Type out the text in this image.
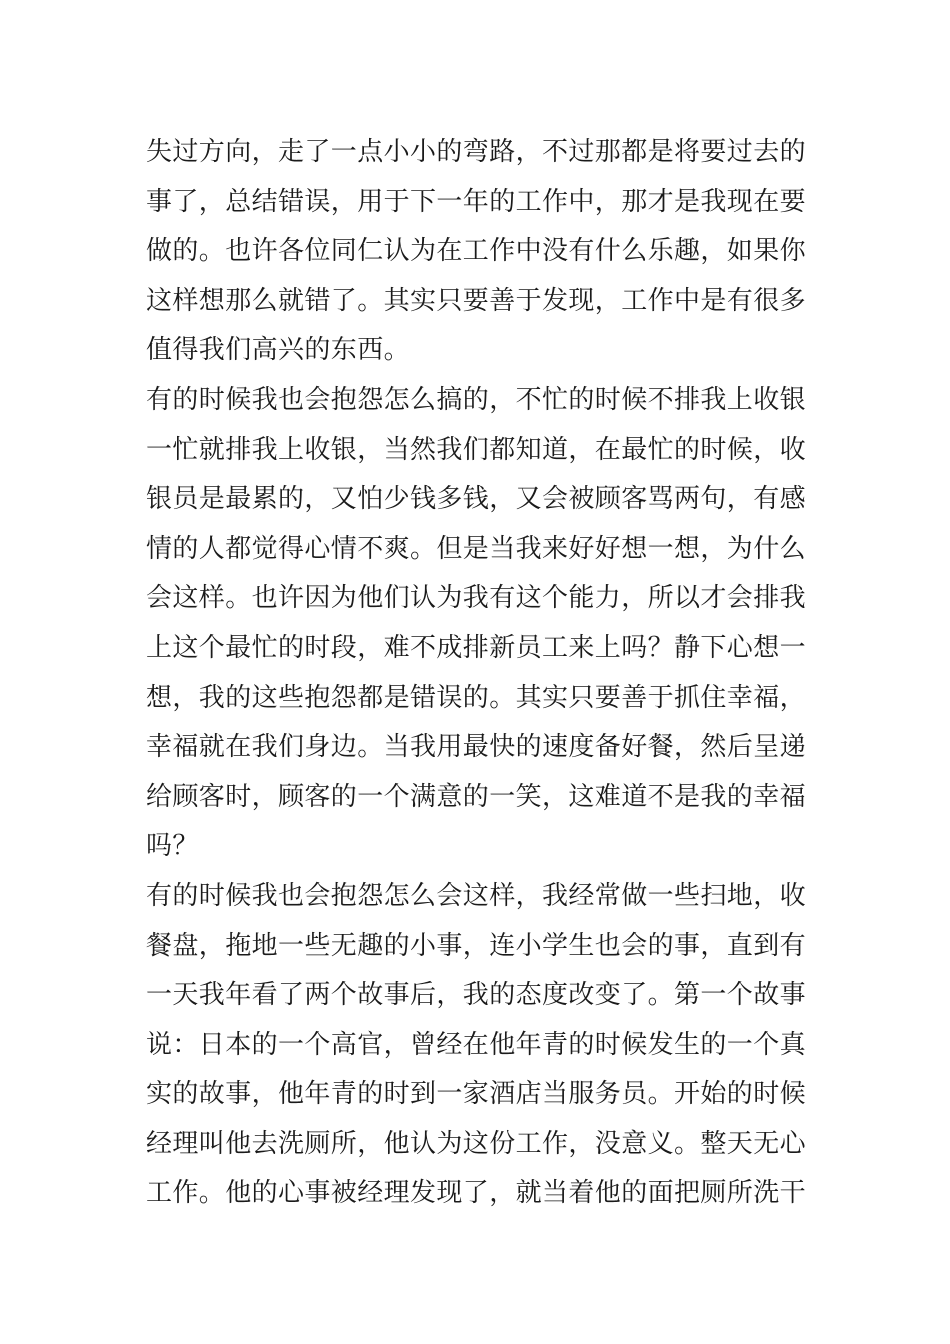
失过方向，走了一点小小的弯路，不过那都是将要过去的
事了，总结错误，用于下一年的工作中，那才是我现在要
做的。也许各位同仁认为在工作中没有什么乐趣，如果你
这样想那么就错了。其实只要善于发现，工作中是有很多
值得我们高兴的东西。
有的时候我也会抱怨怎么搞的，不忙的时候不排我上收银
一忙就排我上收银，当然我们都知道，在最忙的时候，收
银员是最累的，又怕少钱多钱，又会被顾客骂两句，有感
情的人都觉得心情不爽。但是当我来好好想一想，为什么
会这样。也许因为他们认为我有这个能力，所以才会排我
上这个最忙的时段，难不成排新员工来上吗？静下心想一
想，我的这些抱怨都是错误的。其实只要善于抓住幸福，
幸福就在我们身边。当我用最快的速度备好餐，然后呈递
给顾客时，顾客的一个满意的一笑，这难道不是我的幸福
吗？
有的时候我也会抱怨怎么会这样，我经常做一些扫地，收
餐盘，拖地一些无趣的小事，连小学生也会的事，直到有
一天我年看了两个故事后，我的态度改变了。第一个故事
说：日本的一个高官，曾经在他年青的时候发生的一个真
实的故事，他年青的时到一家酒店当服务员。开始的时候
经理叫他去洗厕所，他认为这份工作，没意义。整天无心
工作。他的心事被经理发现了，就当着他的面把厕所洗干
